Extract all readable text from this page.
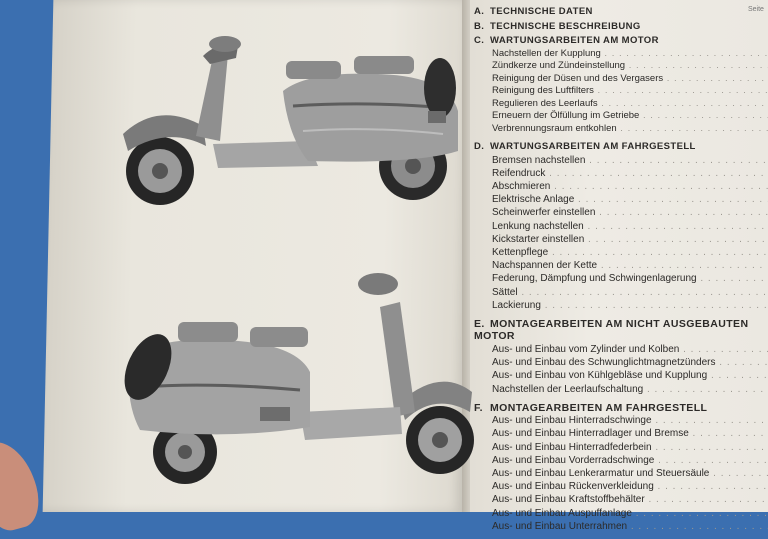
Seite
A. TECHNISCHE DATEN
B. TECHNISCHE BESCHREIBUNG
C. WARTUNGSARBEITEN AM MOTOR
Nachstellen der Kupplung . . .
Zündkerze und Zündeinstellung . . .
Reinigung der Düsen und des Vergasers . . .
Reinigung des Luftfilters . . .
Regulieren des Leerlaufs . . .
Erneuern der Ölfüllung im Getriebe . . .
Verbrennungsraum entkohlen . . .
D. WARTUNGSARBEITEN AM FAHRGESTELL
Bremsen nachstellen . . .
Reifendruck . . .
Abschmieren . . .
Elektrische Anlage . . .
Scheinwerfer einstellen . . .
Lenkung nachstellen . . .
Kickstarter einstellen . . .
Kettenpflege . . .
Nachspannen der Kette . . .
Federung, Dämpfung und Schwingenlagerung . . .
Sättel . . .
Lackierung . . .
E. MONTAGEARBEITEN AM NICHT AUSGEBAUTEN MOTOR
Aus- und Einbau vom Zylinder und Kolben . . .
Aus- und Einbau des Schwunglichtmagnetzünders . . .
Aus- und Einbau von Kühlgebläse und Kupplung . . .
Nachstellen der Leerlaufschaltung . . .
F. MONTAGEARBEITEN AM FAHRGESTELL
Aus- und Einbau Hinterradschwinge . . .
Aus- und Einbau Hinterradlager und Bremse . . .
Aus- und Einbau Hinterradfederbein . . .
Aus- und Einbau Vorderradschwinge . . .
Aus- und Einbau Lenkerarmatur und Steuersäule . . .
Aus- und Einbau Rückenverkleidung . . .
Aus- und Einbau Kraftstoffbehälter . . .
Aus- und Einbau Auspuffanlage . . .
Aus- und Einbau Unterrahmen . . .
